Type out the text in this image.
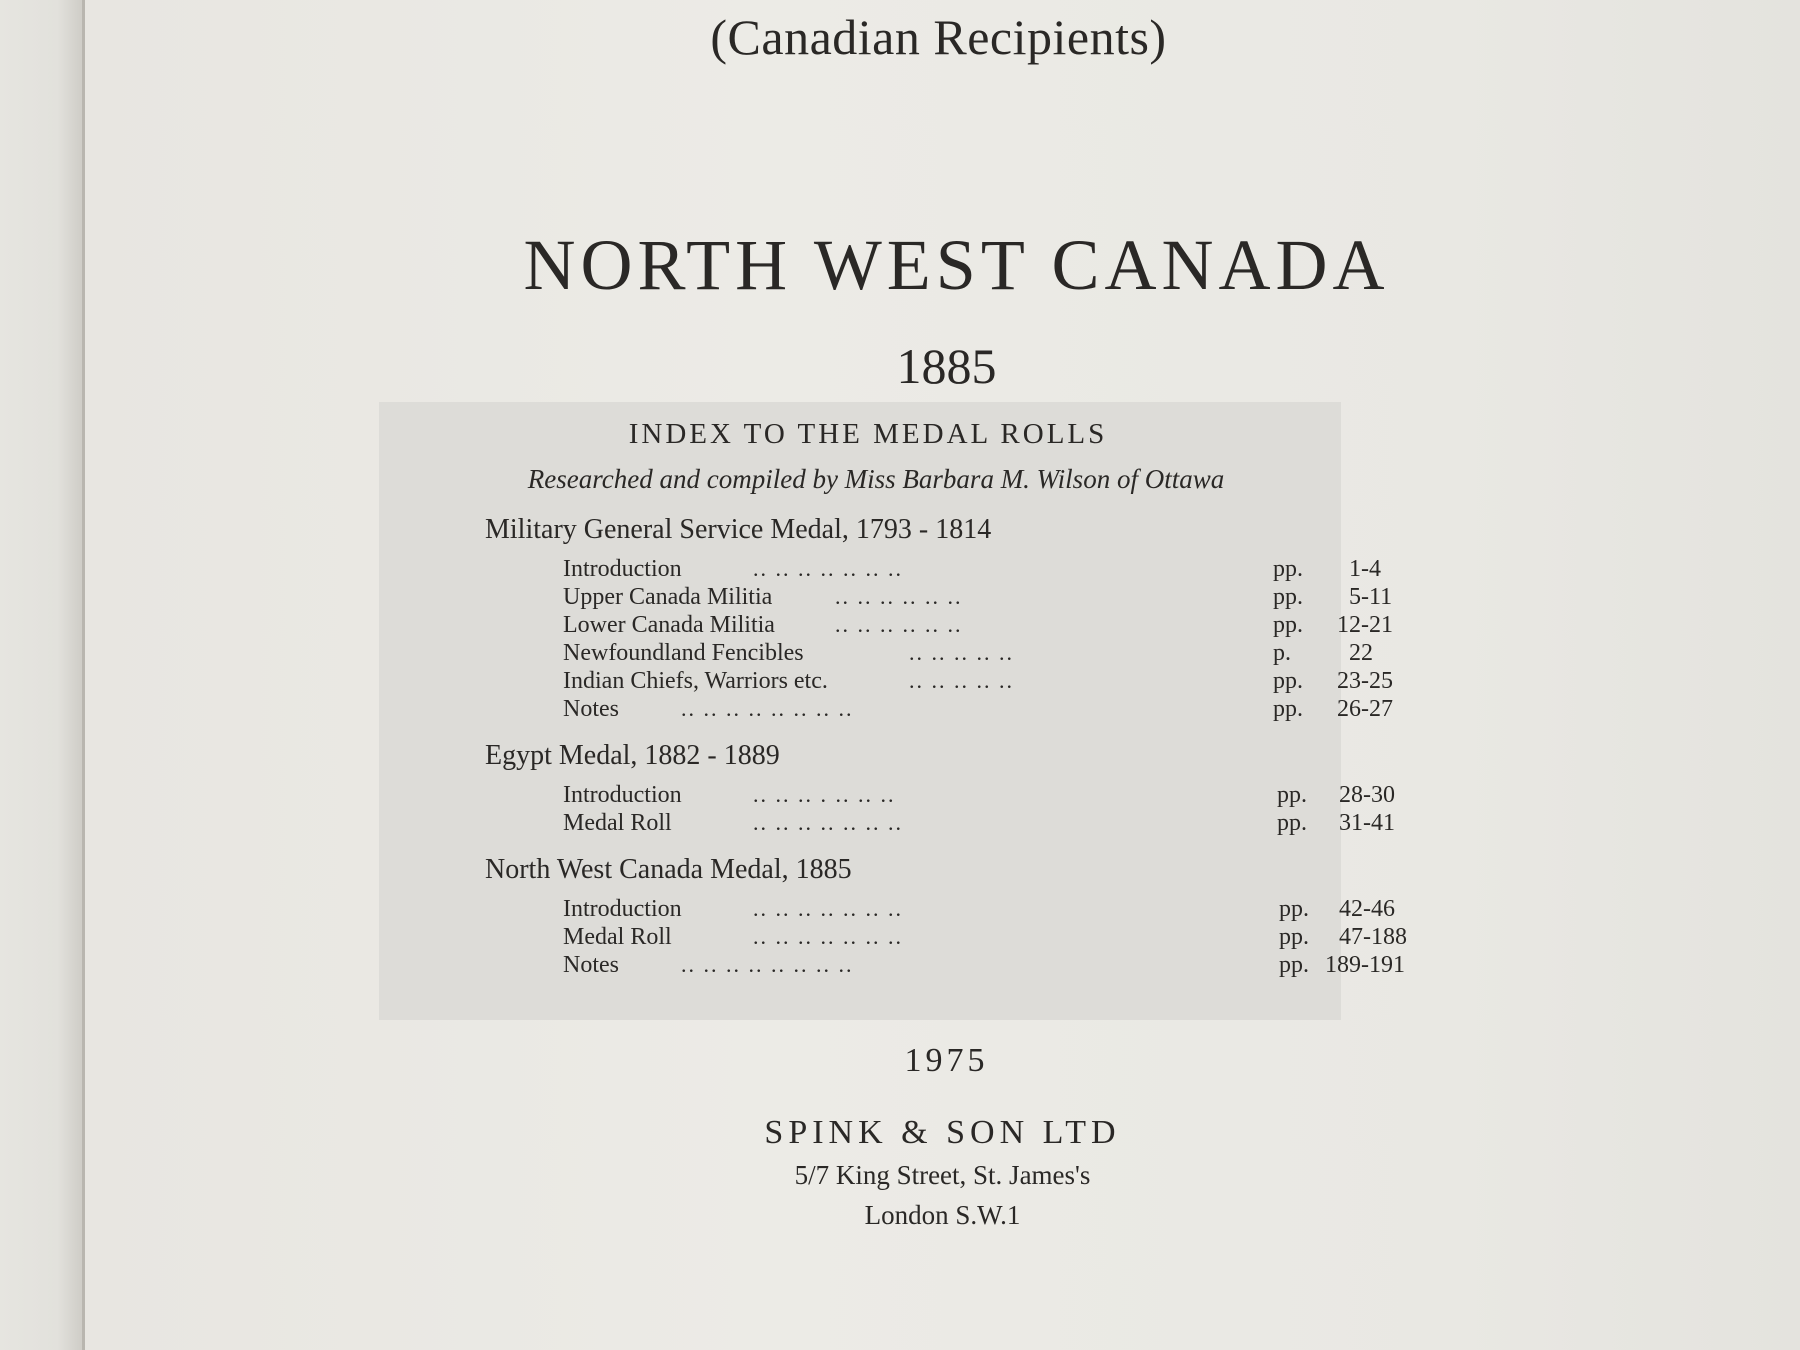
(Canadian Recipients)
NORTH WEST CANADA
1885
INDEX TO THE MEDAL ROLLS
Researched and compiled by Miss Barbara M. Wilson of Ottawa
Military General Service Medal, 1793 - 1814
Introduction	.. .. .. .. .. .. ..	pp. 1-4
Upper Canada Militia	.. .. .. .. .. ..	pp. 5-11
Lower Canada Militia	.. .. .. .. .. ..	pp. 12-21
Newfoundland Fencibles	.. .. .. .. ..	p. 22
Indian Chiefs, Warriors etc.	.. .. .. .. ..	pp. 23-25
Notes	.. .. .. .. .. .. .. ..	pp. 26-27
Egypt Medal, 1882 - 1889
Introduction	.. .. .. . .. .. ..	pp. 28-30
Medal Roll	.. .. .. .. .. .. ..	pp. 31-41
North West Canada Medal, 1885
Introduction	.. .. .. .. .. .. ..	pp. 42-46
Medal Roll	.. .. .. .. .. .. ..	pp. 47-188
Notes	.. .. .. .. .. .. .. ..	pp. 189-191
1975
SPINK & SON LTD
5/7 King Street, St. James's
London S.W.1
